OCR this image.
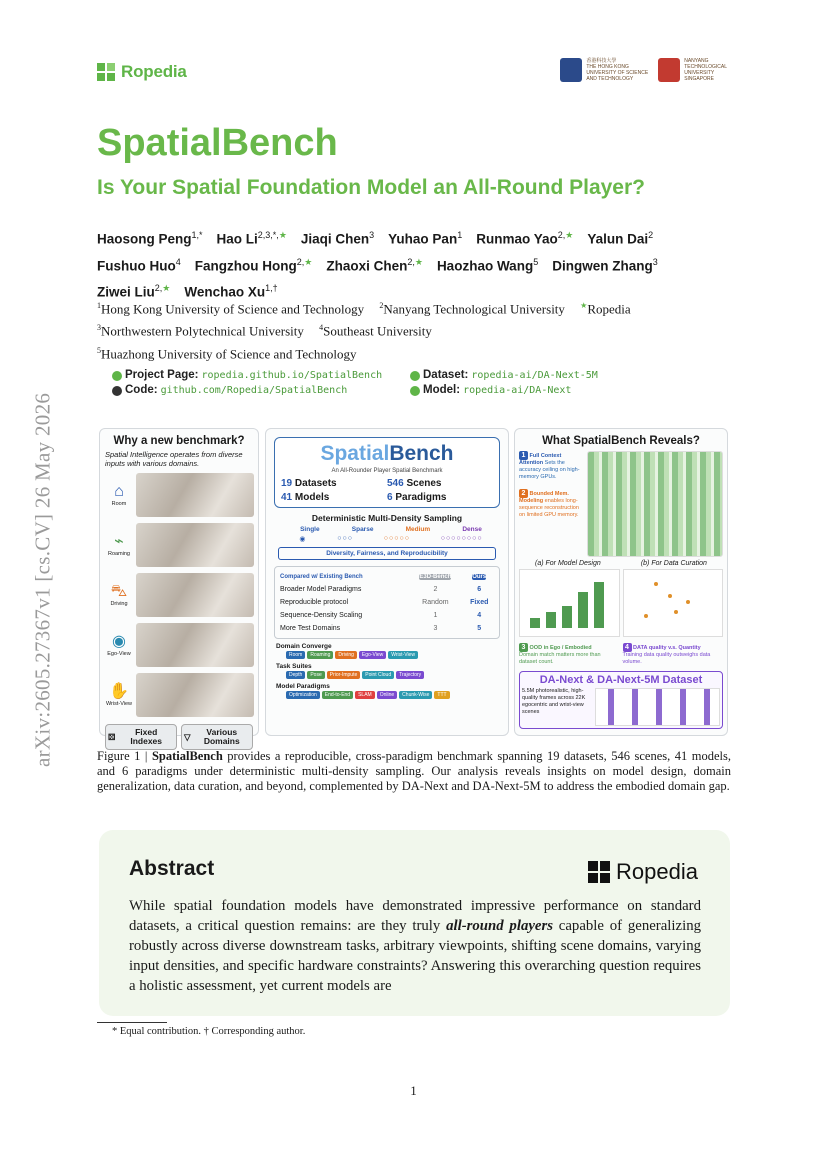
Ropedia
香港科技大學
THE HONG KONG
UNIVERSITY OF SCIENCE
AND TECHNOLOGY
NANYANG
TECHNOLOGICAL
UNIVERSITY
SINGAPORE
arXiv:2605.27367v1 [cs.CV] 26 May 2026
SpatialBench
Is Your Spatial Foundation Model an All-Round Player?
Haosong Peng$^{1,*}$ Hao $Li^{2,3,*,★}$ Jiaqi Chen$^3$ Yuhao Pan$^1$ Runmao Yao$^{2,★}$ Yalun Dai$^2$Fushuo Huo$^4$ Fangzhou Hong$^{2,★}$ Zhaoxi Chen$^{2,★}$ Haozhao Wang$^5$ Dingwen Zhang$^3$Ziwei Liu$^{2,★}$ Wenchao $Xu^{1,\dagger}$
$^1$Hong Kong University of Science and Technology $^2$Nanyang Technological University ★Ropedia
$^3$Northwestern Polytechnical University $^4$Southeast University
$^5$Huazhong University of Science and Technology
Project Page: ropedia.github.io/SpatialBench	Dataset: ropedia-ai/DA-Next-5M
Code: github.com/Ropedia/SpatialBench	Model: ropedia-ai/DA-Next
Why a new benchmark?
Spatial Intelligence operates from diverse inputs with various domains.
⌂
Room
⌁
Roaming
⛍
Driving
◉
Ego-View
✋
Wrist-View
⚄	Fixed Indexes	▽	Various Domains
SpatialBench
An All-Rounder Player Spatial Benchmark
19 Datasets	546 Scenes
41 Models	6 Paradigms
Deterministic Multi-Density Sampling
Single	Sparse	Medium	Dense
◉	○○○	○○○○○	○○○○○○○○
Diversity, Fairness, and Reproducibility
Compared w/ Existing Bench	E3D-Bench	Ours
Broader Model Paradigms	2	6
Reproducible protocol	Random	Fixed
Sequence-Density Scaling	1	4
More Test Domains	3	5
Domain Converge
Room	Roaming	Driving	Ego-View	Wrist-View
Task Suites
Depth	Pose	Prior-Impute	Point Cloud	Trajectory
Model Paradigms
Optimization	End-to-End	SLAM	Online	Chunk-Wise	TTT
What SpatialBench Reveals?
1 Full Context Attention Sets the accuracy ceiling on high-memory GPUs.
2 Bounded Mem. Modeling enables long-sequence reconstruction on limited GPU memory.
(a) For Model Design	(b) For Data Curation
3 OOD in Ego / Embodied
Domain match matters more than dataset count.
4 DATA quality v.s. Quantity
Training data quality outweighs data volume.
DA-Next & DA-Next-5M Dataset
5.5M photorealistic, high-quality frames across 22K egocentric and wrist-view scenes
Figure 1 | SpatialBench provides a reproducible, cross-paradigm benchmark spanning 19 datasets, 546 scenes, 41 models, and 6 paradigms under deterministic multi-density sampling. Our analysis reveals insights on model design, domain generalization, data curation, and beyond, complemented by DA-Next and DA-Next-5M to address the embodied domain gap.
Abstract	Ropedia
While spatial foundation models have demonstrated impressive performance on standard datasets, a critical question remains: are they truly all-round players capable of generalizing robustly across diverse downstream tasks, arbitrary viewpoints, shifting scene domains, varying input densities, and specific hardware constraints? Answering this overarching question requires a holistic assessment, yet current models are
* Equal contribution. † Corresponding author.
1
